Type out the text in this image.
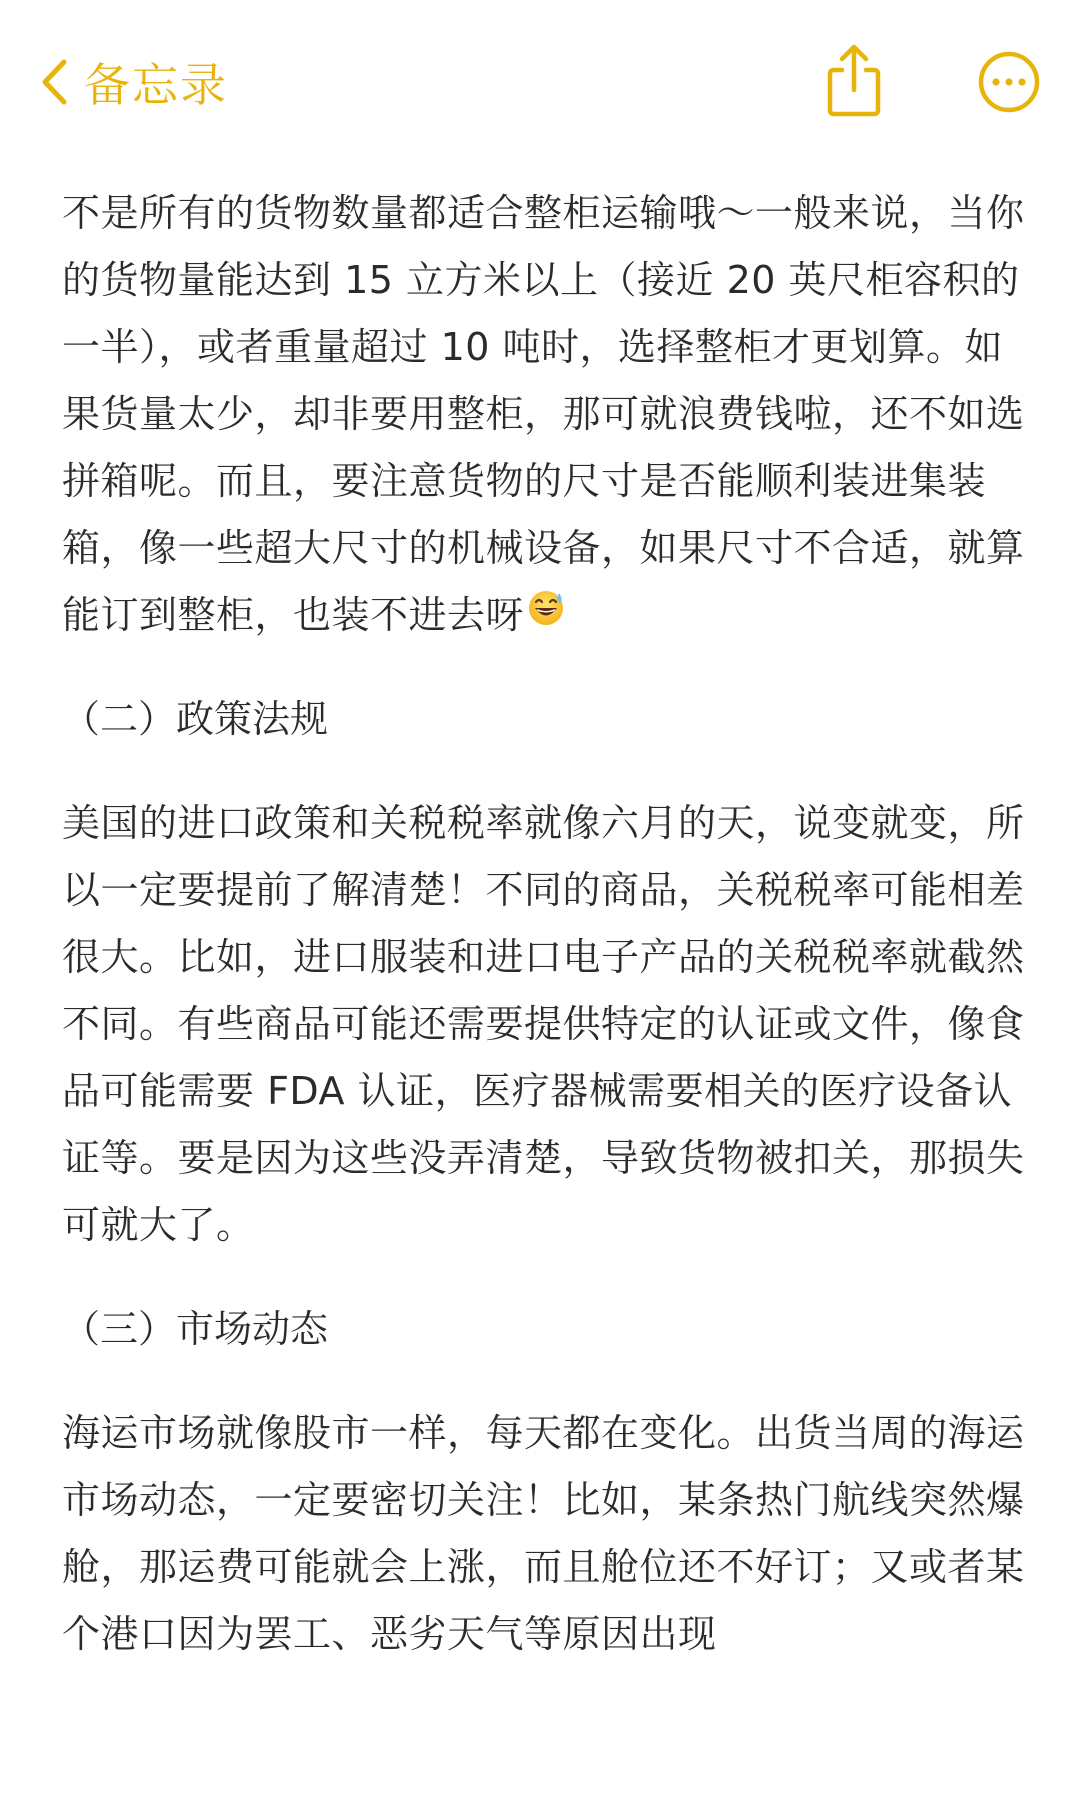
备忘录

不是所有的货物数量都适合整柜运输哦～一般来说，当你的货物量能达到 15 立方米以上（接近 20 英尺柜容积的一半），或者重量超过 10 吨时，选择整柜才更划算。如果货量太少，却非要用整柜，那可就浪费钱啦，还不如选拼箱呢。而且，要注意货物的尺寸是否能顺利装进集装箱，像一些超大尺寸的机械设备，如果尺寸不合适，就算能订到整柜，也装不进去呀

（二）政策法规

美国的进口政策和关税税率就像六月的天，说变就变，所以一定要提前了解清楚！不同的商品，关税税率可能相差很大。比如，进口服装和进口电子产品的关税税率就截然不同。有些商品可能还需要提供特定的认证或文件，像食品可能需要 FDA 认证，医疗器械需要相关的医疗设备认证等。要是因为这些没弄清楚，导致货物被扣关，那损失可就大了。

（三）市场动态

海运市场就像股市一样，每天都在变化。出货当周的海运市场动态，一定要密切关注！比如，某条热门航线突然爆舱，那运费可能就会上涨，而且舱位还不好订；又或者某个港口因为罢工、恶劣天气等原因出现
